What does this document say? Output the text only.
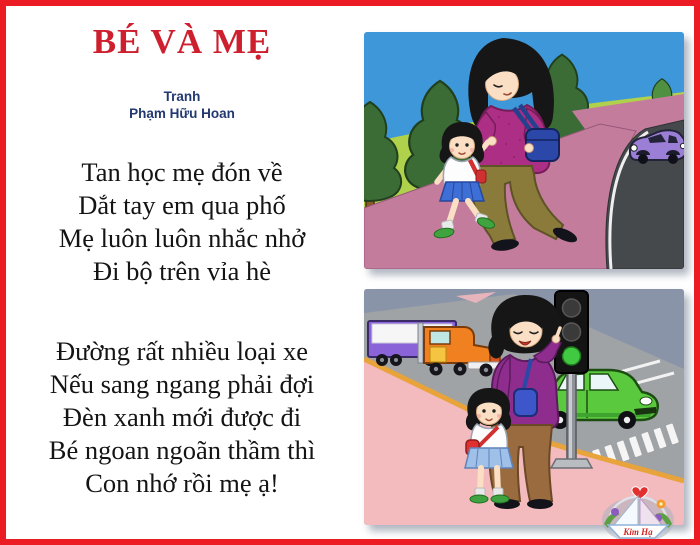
BÉ VÀ MẸ
Tranh
Phạm Hữu Hoan
Tan học mẹ đón về
Dắt tay em qua phố
Mẹ luôn luôn nhắc nhở
Đi bộ trên vỉa hè
Đường rất nhiều loại xe
Nếu sang ngang phải đợi
Đèn xanh mới được đi
Bé ngoan ngoãn thầm thì
Con nhớ rồi mẹ ạ!
Kim Hạ
